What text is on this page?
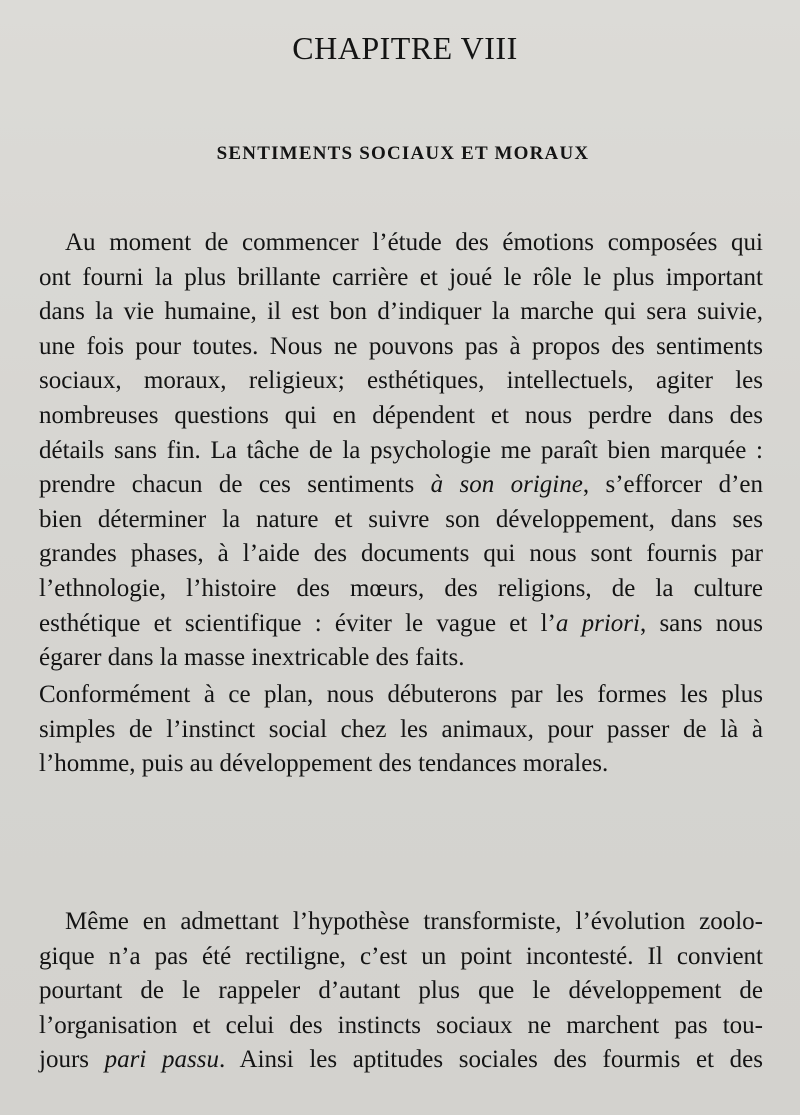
CHAPITRE VIII
SENTIMENTS SOCIAUX ET MORAUX
Au moment de commencer l’étude des émotions composées qui
ont fourni la plus brillante carrière et joué le rôle le plus important
dans la vie humaine, il est bon d’indiquer la marche qui sera suivie,
une fois pour toutes. Nous ne pouvons pas à propos des sentiments
sociaux, moraux, religieux; esthétiques, intellectuels, agiter les
nombreuses questions qui en dépendent et nous perdre dans des
détails sans fin. La tâche de la psychologie me paraît bien marquée :
prendre chacun de ces sentiments à son origine, s’efforcer d’en
bien déterminer la nature et suivre son développement, dans ses
grandes phases, à l’aide des documents qui nous sont fournis par
l’ethnologie, l’histoire des mœurs, des religions, de la culture
esthétique et scientifique : éviter le vague et l’a priori, sans nous
égarer dans la masse inextricable des faits.
Conformément à ce plan, nous débuterons par les formes les plus
simples de l’instinct social chez les animaux, pour passer de là à
l’homme, puis au développement des tendances morales.
Même en admettant l’hypothèse transformiste, l’évolution zoolo-
gique n’a pas été rectiligne, c’est un point incontesté. Il convient
pourtant de le rappeler d’autant plus que le développement de
l’organisation et celui des instincts sociaux ne marchent pas tou-
jours pari passu. Ainsi les aptitudes sociales des fourmis et des
